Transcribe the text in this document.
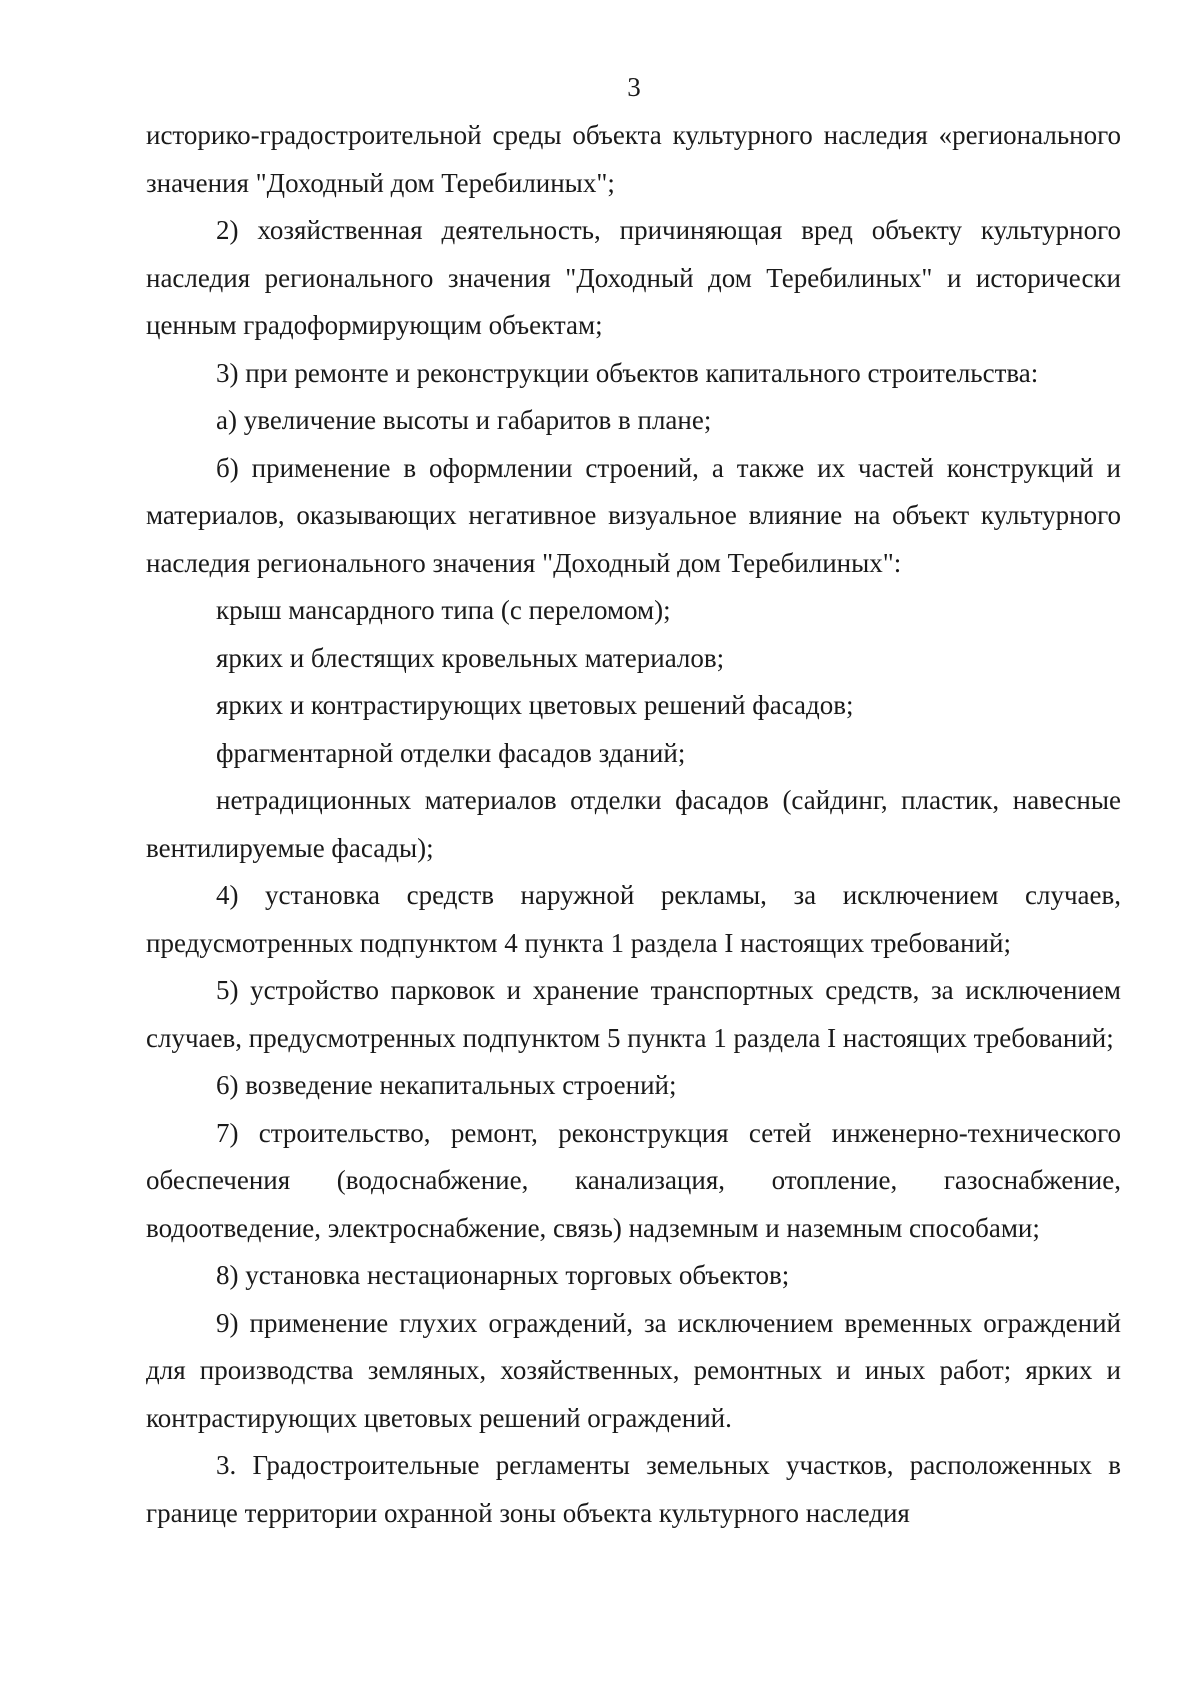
3

историко-градостроительной среды объекта культурного наследия «регионального значения "Доходный дом Теребилиных";

2) хозяйственная деятельность, причиняющая вред объекту культурного наследия регионального значения "Доходный дом Теребилиных" и исторически ценным градоформирующим объектам;

3) при ремонте и реконструкции объектов капитального строительства:

а) увеличение высоты и габаритов в плане;

б) применение в оформлении строений, а также их частей конструкций и материалов, оказывающих негативное визуальное влияние на объект культурного наследия регионального значения "Доходный дом Теребилиных":

крыш мансардного типа (с переломом);

ярких и блестящих кровельных материалов;

ярких и контрастирующих цветовых решений фасадов;

фрагментарной отделки фасадов зданий;

нетрадиционных материалов отделки фасадов (сайдинг, пластик, навесные вентилируемые фасады);

4) установка средств наружной рекламы, за исключением случаев, предусмотренных подпунктом 4 пункта 1 раздела I настоящих требований;

5) устройство парковок и хранение транспортных средств, за исключением случаев, предусмотренных подпунктом 5 пункта 1 раздела I настоящих требований;

6) возведение некапитальных строений;

7) строительство, ремонт, реконструкция сетей инженерно-технического обеспечения (водоснабжение, канализация, отопление, газоснабжение, водоотведение, электроснабжение, связь) надземным и наземным способами;

8) установка нестационарных торговых объектов;

9) применение глухих ограждений, за исключением временных ограждений для производства земляных, хозяйственных, ремонтных и иных работ; ярких и контрастирующих цветовых решений ограждений.

3. Градостроительные регламенты земельных участков, расположенных в границе территории охранной зоны объекта культурного наследия
